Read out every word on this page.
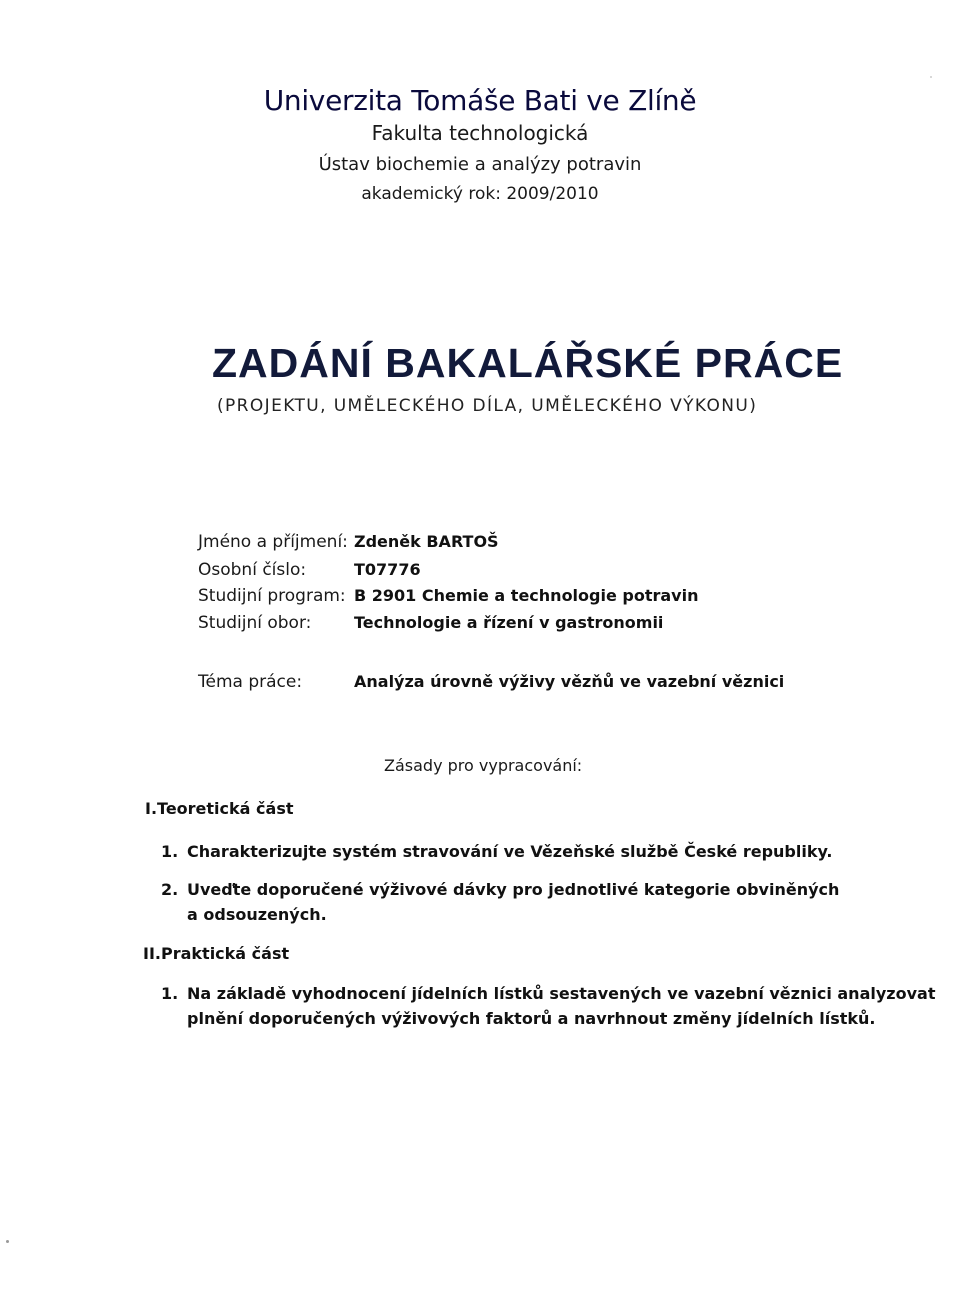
Univerzita Tomáše Bati ve Zlíně
Fakulta technologická
Ústav biochemie a analýzy potravin
akademický rok: 2009/2010
ZADÁNÍ BAKALÁŘSKÉ PRÁCE
(PROJEKTU, UMĚLECKÉHO DÍLA, UMĚLECKÉHO VÝKONU)
Jméno a příjmení: Zdeněk BARTOŠ
Osobní číslo:	T07776
Studijní program: B 2901 Chemie a technologie potravin
Studijní obor:	Technologie a řízení v gastronomii
Téma práce:	Analýza úrovně výživy vězňů ve vazební věznici
Zásady pro vypracování:
I.Teoretická část
1. Charakterizujte systém stravování ve Vězeňské službě České republiky.
2. Uveďte doporučené výživové dávky pro jednotlivé kategorie obviněných
a odsouzených.
II.Praktická část
1. Na základě vyhodnocení jídelních lístků sestavených ve vazební věznici analyzovat
plnění doporučených výživových faktorů a navrhnout změny jídelních lístků.
